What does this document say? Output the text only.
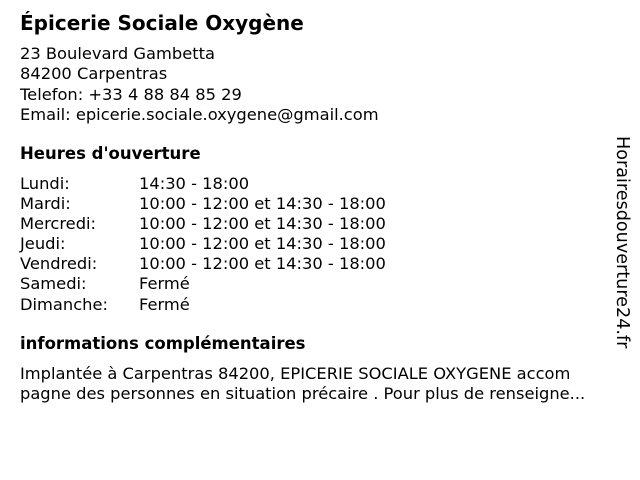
Épicerie Sociale Oxygène
23 Boulevard Gambetta
84200 Carpentras
Telefon: +33 4 88 84 85 29
Email: epicerie.sociale.oxygene@gmail.com
Heures d'ouverture
Lundi:	14:30 - 18:00
Mardi:	10:00 - 12:00 et 14:30 - 18:00
Mercredi:	10:00 - 12:00 et 14:30 - 18:00
Jeudi:	10:00 - 12:00 et 14:30 - 18:00
Vendredi:	10:00 - 12:00 et 14:30 - 18:00
Samedi:	Fermé
Dimanche: Fermé
informations complémentaires
Implantée à Carpentras 84200, EPICERIE SOCIALE OXYGENE accom
pagne des personnes en situation précaire . Pour plus de renseigne...
Horairesdouverture24.fr
